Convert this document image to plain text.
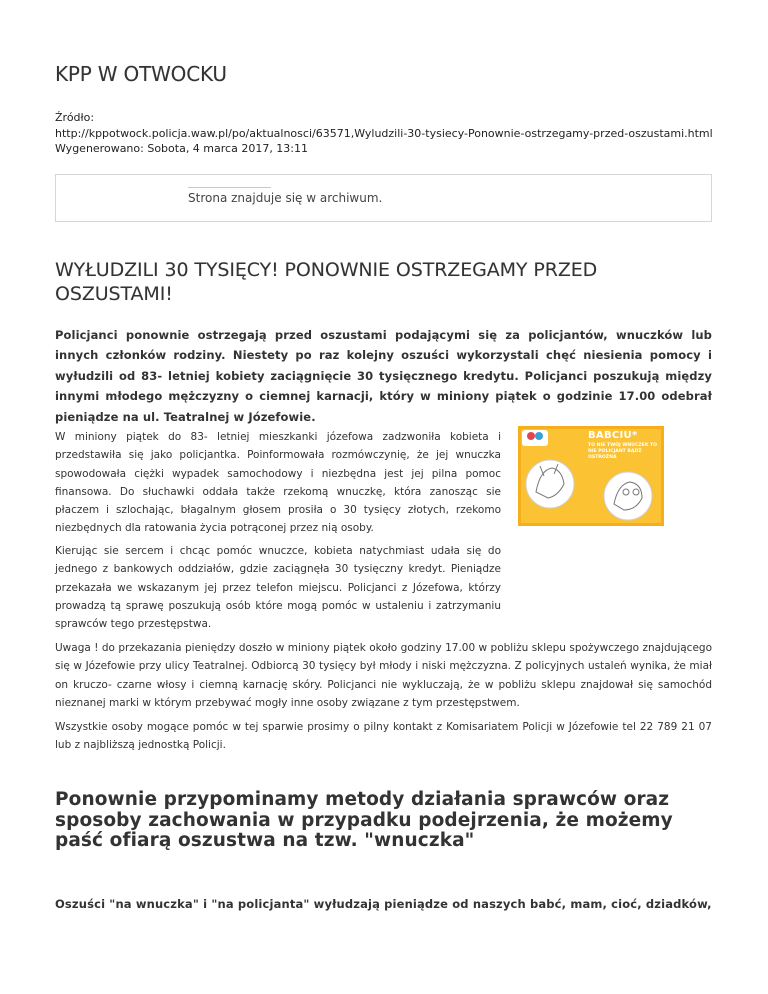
KPP W OTWOCKU
Źródło:
http://kppotwock.policja.waw.pl/po/aktualnosci/63571,Wyludzili-30-tysiecy-Ponownie-ostrzegamy-przed-oszustami.html
Wygenerowano: Sobota, 4 marca 2017, 13:11
Strona znajduje się w archiwum.
WYŁUDZILI 30 TYSIĘCY! PONOWNIE OSTRZEGAMY PRZED OSZUSTAMI!

Policjanci ponownie ostrzegają przed oszustami podającymi się za policjantów, wnuczków lub innych członków rodziny. Niestety po raz kolejny oszuści wykorzystali chęć niesienia pomocy i wyłudzili od 83- letniej kobiety zaciągnięcie 30 tysięcznego kredytu. Policjanci poszukują między innymi młodego mężczyzny o ciemnej karnacji, który w miniony piątek o godzinie 17.00 odebrał pieniądze na ul. Teatralnej w Józefowie.

W miniony piątek do 83- letniej mieszkanki józefowa zadzwoniła kobieta i przedstawiła się jako policjantka. Poinformowała rozmówczynię, że jej wnuczka spowodowała ciężki wypadek samochodowy i niezbędna jest jej pilna pomoc finansowa. Do słuchawki oddała także rzekomą wnuczkę, która zanosząc sie płaczem i szlochając, błagalnym głosem prosiła o 30 tysięcy złotych, rzekomo niezbędnych dla ratowania życia potrąconej przez nią osoby.

BABCIU*
TO NIE TWÓJ WNUCZEK TO NIE POLICJANT BĄDŹ OSTROŻNA

Kierując sie sercem i chcąc pomóc wnuczce, kobieta natychmiast udała się do jednego z bankowych oddziałów, gdzie zaciągnęła 30 tysięczny kredyt. Pieniądze przekazała we wskazanym jej przez telefon miejscu. Policjanci z Józefowa, którzy prowadzą tą sprawę poszukują osób które mogą pomóc w ustaleniu i zatrzymaniu sprawców tego przestępstwa.

Uwaga ! do przekazania pieniędzy doszło w miniony piątek około godziny 17.00 w pobliżu sklepu spożywczego znajdującego się w Józefowie przy ulicy Teatralnej. Odbiorcą 30 tysięcy był młody i niski mężczyzna. Z policyjnych ustaleń wynika, że miał on kruczo- czarne włosy i ciemną karnację skóry. Policjanci nie wykluczają, że w pobliżu sklepu znajdował się samochód nieznanej marki w którym przebywać mogły inne osoby związane z tym przestępstwem.

Wszystkie osoby mogące pomóc w tej sparwie prosimy o pilny kontakt z Komisariatem Policji w Józefowie tel 22 789 21 07 lub z najbliższą jednostką Policji.

Ponownie przypominamy metody działania sprawców oraz sposoby zachowania w przypadku podejrzenia, że możemy paść ofiarą oszustwa na tzw. "wnuczka"

Oszuści "na wnuczka" i "na policjanta" wyłudzają pieniądze od naszych babć, mam, cioć, dziadków,
